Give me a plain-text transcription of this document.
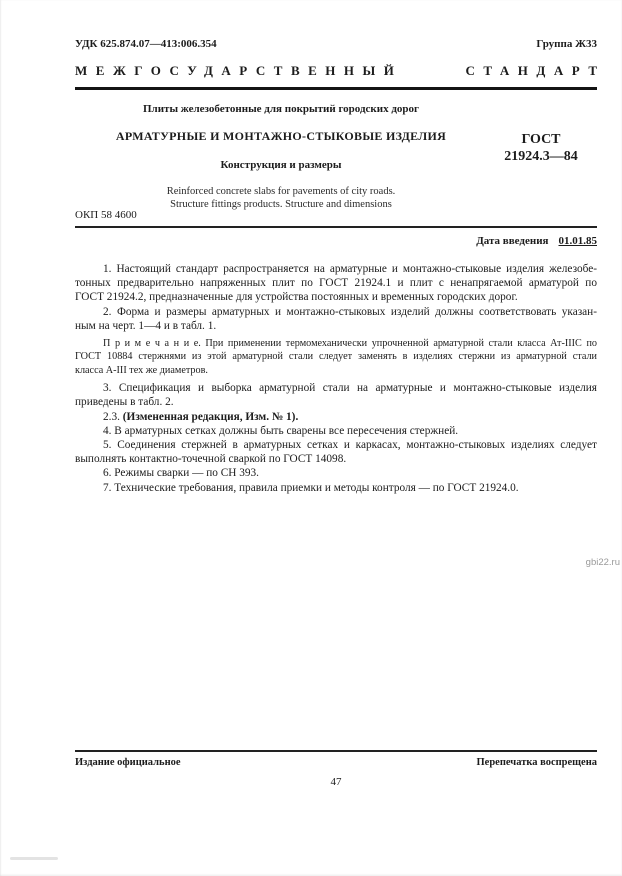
УДК 625.874.07—413:006.354	Группа Ж33
МЕЖГОСУДАРСТВЕННЫЙ	СТАНДАРТ
Плиты железобетонные для покрытий городских дорог
АРМАТУРНЫЕ И МОНТАЖНО-СТЫКОВЫЕ ИЗДЕЛИЯ
Конструкция и размеры
Reinforced concrete slabs for pavements of city roads.
Structure fittings products. Structure and dimensions
ГОСТ
21924.3—84
ОКП 58 4600
Дата введения 01.01.85
1. Настоящий стандарт распространяется на арматурные и монтажно-стыковые изделия железобе-
тонных предварительно напряженных плит по ГОСТ 21924.1 и плит с ненапрягаемой арматурой по
ГОСТ 21924.2, предназначенные для устройства постоянных и временных городских дорог.
2. Форма и размеры арматурных и монтажно-стыковых изделий должны соответствовать указан-
ным на черт. 1—4 и в табл. 1.
П р и м е ч а н и е. При применении термомеханически упрочненной арматурной стали класса Ат-IIIС по
ГОСТ 10884 стержнями из этой арматурной стали следует заменять в изделиях стержни из арматурной стали
класса А-III тех же диаметров.
3. Спецификация и выборка арматурной стали на арматурные и монтажно-стыковые изделия
приведены в табл. 2.
2.3. (Измененная редакция, Изм. № 1).
4. В арматурных сетках должны быть сварены все пересечения стержней.
5. Соединения стержней в арматурных сетках и каркасах, монтажно-стыковых изделиях следует
выполнять контактно-точечной сваркой по ГОСТ 14098.
6. Режимы сварки — по СН 393.
7. Технические требования, правила приемки и методы контроля — по ГОСТ 21924.0.
gbi22.ru
Издание официальное	Перепечатка воспрещена
47
